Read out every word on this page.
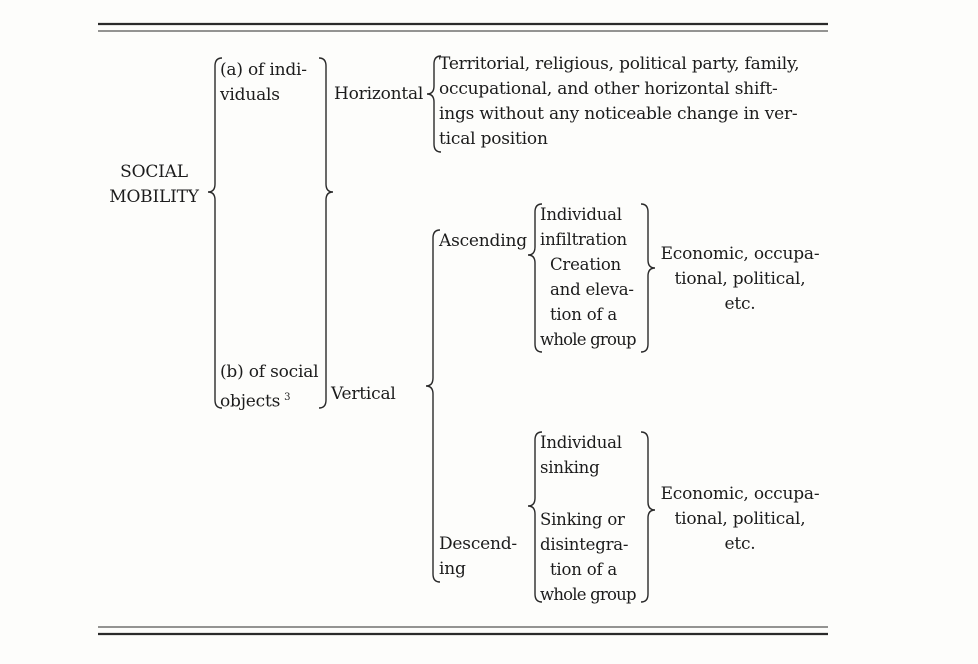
SOCIAL
MOBILITY
(a) of indi-
viduals
(b) of social
objects $^3$
Horizontal
Territorial, religious, political party, family,
occupational, and other horizontal shift-
ings without any noticeable change in ver-
tical position
Vertical
Ascending
Individual
infiltration
Creation
and eleva-
tion of a
whole group
Economic, occupa-
tional, political,
etc.
Descend-
ing
Individual
sinking
Sinking or
disintegra-
tion of a
whole group
Economic, occupa-
tional, political,
etc.
